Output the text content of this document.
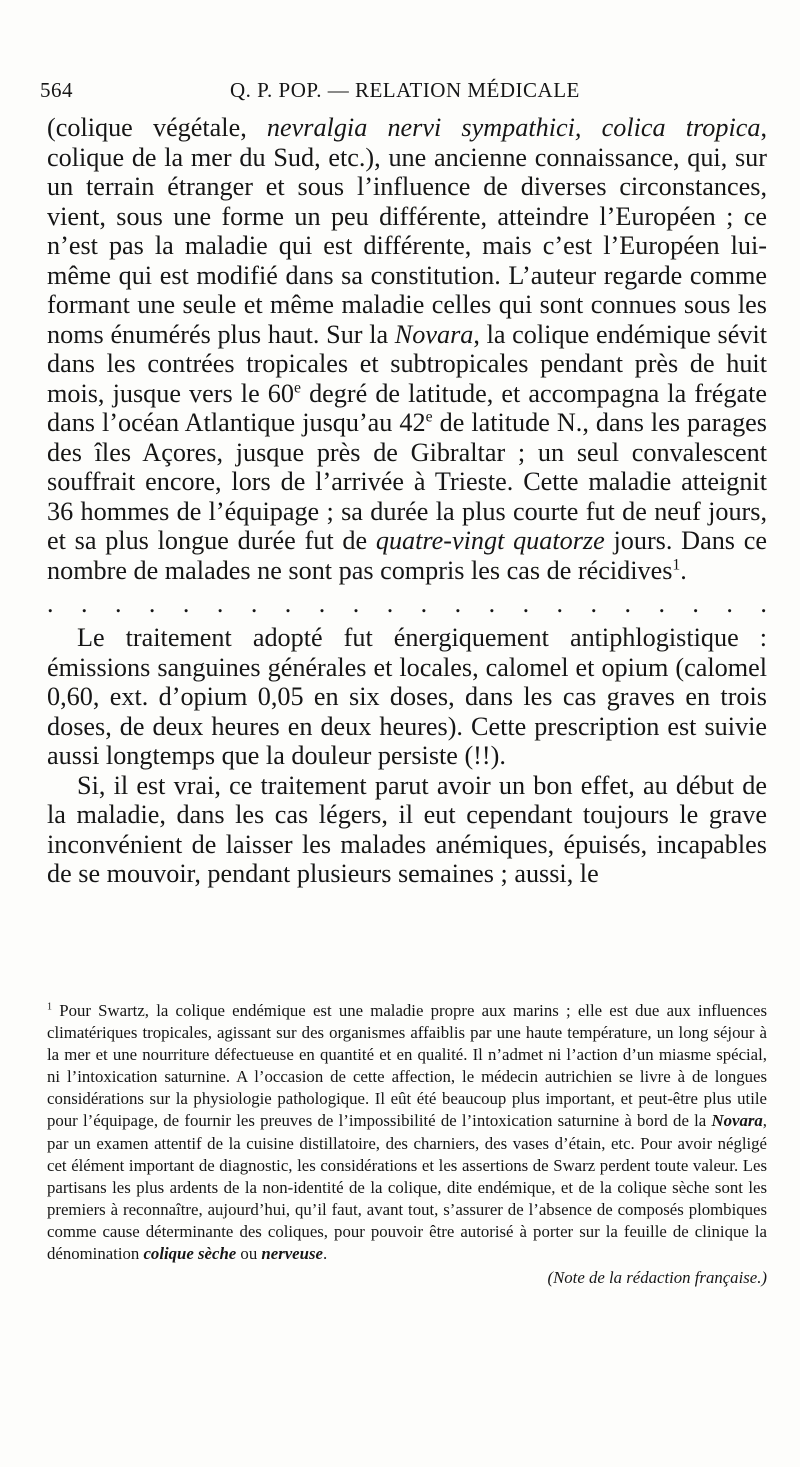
564	Q. P. POP. — RELATION MÉDICALE

(colique végétale, nevralgia nervi sympathici, colica tropica, colique de la mer du Sud, etc.), une ancienne connaissance, qui, sur un terrain étranger et sous l’influence de diverses circonstances, vient, sous une forme un peu différente, atteindre l’Européen ; ce n’est pas la maladie qui est différente, mais c’est l’Européen lui-même qui est modifié dans sa constitution. L’auteur regarde comme formant une seule et même maladie celles qui sont connues sous les noms énumérés plus haut. Sur la Novara, la colique endémique sévit dans les contrées tropicales et subtropicales pendant près de huit mois, jusque vers le 60e degré de latitude, et accompagna la frégate dans l’océan Atlantique jusqu’au 42e de latitude N., dans les parages des îles Açores, jusque près de Gibraltar ; un seul convalescent souffrait encore, lors de l’arrivée à Trieste. Cette maladie atteignit 36 hommes de l’équipage ; sa durée la plus courte fut de neuf jours, et sa plus longue durée fut de quatre-vingt quatorze jours. Dans ce nombre de malades ne sont pas compris les cas de récidives$^1$.

. . . . . . . . . . . . . . . . . . . . . .

Le traitement adopté fut énergiquement antiphlogistique : émissions sanguines générales et locales, calomel et opium (calomel 0,60, ext. d’opium 0,05 en six doses, dans les cas graves en trois doses, de deux heures en deux heures). Cette prescription est suivie aussi longtemps que la douleur persiste (!!).

Si, il est vrai, ce traitement parut avoir un bon effet, au début de la maladie, dans les cas légers, il eut cependant toujours le grave inconvénient de laisser les malades anémiques, épuisés, incapables de se mouvoir, pendant plusieurs semaines ; aussi, le

$^1$ Pour Swartz, la colique endémique est une maladie propre aux marins ; elle est due aux influences climatériques tropicales, agissant sur des organismes affaiblis par une haute température, un long séjour à la mer et une nourriture défectueuse en quantité et en qualité. Il n’admet ni l’action d’un miasme spécial, ni l’intoxication saturnine. A l’occasion de cette affection, le médecin autrichien se livre à de longues considérations sur la physiologie pathologique. Il eût été beaucoup plus important, et peut-être plus utile pour l’équipage, de fournir les preuves de l’impossibilité de l’intoxication saturnine à bord de la Novara, par un examen attentif de la cuisine distillatoire, des charniers, des vases d’étain, etc. Pour avoir négligé cet élément important de diagnostic, les considérations et les assertions de Swarz perdent toute valeur. Les partisans les plus ardents de la non-identité de la colique, dite endémique, et de la colique sèche sont les premiers à reconnaître, aujourd’hui, qu’il faut, avant tout, s’assurer de l’absence de composés plombiques comme cause déterminante des coliques, pour pouvoir être autorisé à porter sur la feuille de clinique la dénomination colique sèche ou nerveuse.

(Note de la rédaction française.)
